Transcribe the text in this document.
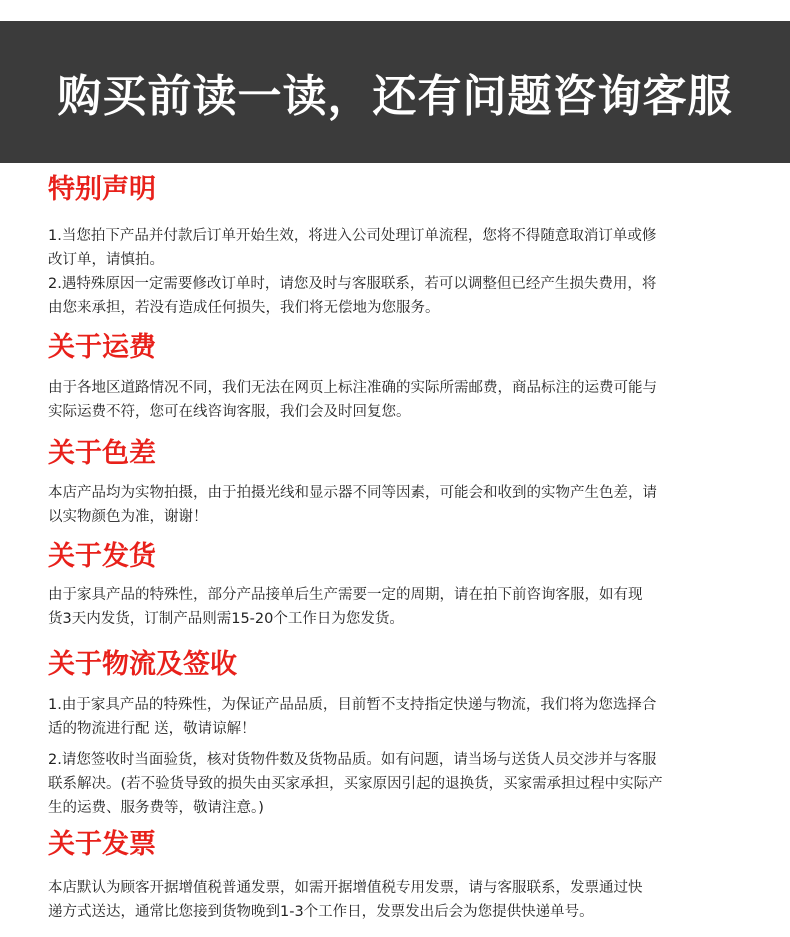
购买前读一读，还有问题咨询客服
特别声明
1.当您拍下产品并付款后订单开始生效，将进入公司处理订单流程，您将不得随意取消订单或修
改订单，请慎拍。
2.遇特殊原因一定需要修改订单时，请您及时与客服联系，若可以调整但已经产生损失费用，将
由您来承担，若没有造成任何损失，我们将无偿地为您服务。
关于运费
由于各地区道路情况不同，我们无法在网页上标注准确的实际所需邮费，商品标注的运费可能与
实际运费不符，您可在线咨询客服，我们会及时回复您。
关于色差
本店产品均为实物拍摄，由于拍摄光线和显示器不同等因素，可能会和收到的实物产生色差，请
以实物颜色为准，谢谢！
关于发货
由于家具产品的特殊性，部分产品接单后生产需要一定的周期，请在拍下前咨询客服，如有现
货3天内发货，订制产品则需15-20个工作日为您发货。
关于物流及签收
1.由于家具产品的特殊性，为保证产品品质，目前暂不支持指定快递与物流，我们将为您选择合
适的物流进行配 送，敬请谅解！
2.请您签收时当面验货，核对货物件数及货物品质。如有问题，请当场与送货人员交涉并与客服
联系解决。(若不验货导致的损失由买家承担，买家原因引起的退换货，买家需承担过程中实际产
生的运费、服务费等，敬请注意。)
关于发票
本店默认为顾客开据增值税普通发票，如需开据增值税专用发票，请与客服联系，发票通过快
递方式送达，通常比您接到货物晚到1-3个工作日，发票发出后会为您提供快递单号。
